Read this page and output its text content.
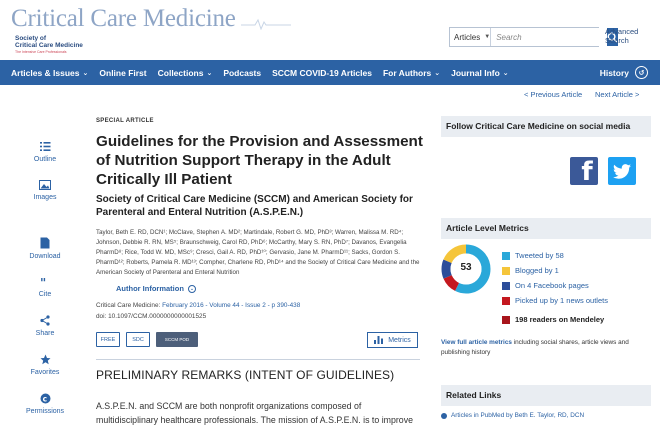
Critical Care Medicine
Society of
Critical Care Medicine
The Intensive Care Professionals
Articles ▼
Search
Advanced
Search
Articles & Issues ⌄ Online First Collections ⌄ Podcasts SCCM COVID-19 Articles For Authors ⌄ Journal Info ⌄	History	↺
< Previous Article Next Article >
Outline
Images
Download
"
Cite
Share
Favorites
c
Permissions
SPECIAL ARTICLE
Guidelines for the Provision and Assessment of Nutrition Support Therapy in the Adult Critically Ill Patient
Society of Critical Care Medicine (SCCM) and American Society for Parenteral and Enteral Nutrition (A.S.P.E.N.)
Taylor, Beth E. RD, DCN¹; McClave, Stephen A. MD²; Martindale, Robert G. MD, PhD³; Warren, Malissa M. RD⁴; Johnson, Debbie R. RN, MS⁵; Braunschweig, Carol RD, PhD⁶; McCarthy, Mary S. RN, PhD⁷; Davanos, Evangelia PharmD⁸; Rice, Todd W. MD, MSc⁹; Cresci, Gail A. RD, PhD¹⁰; Gervasio, Jane M. PharmD¹¹; Sacks, Gordon S. PharmD¹²; Roberts, Pamela R. MD¹³; Compher, Charlene RD, PhD¹⁴ and the Society of Critical Care Medicine and the American Society of Parenteral and Enteral Nutrition
Author Information ⌄
Critical Care Medicine: February 2016 - Volume 44 - Issue 2 - p 390-438
doi: 10.1097/CCM.0000000000001525
FREE	SDC	SCCM POD	Metrics
PRELIMINARY REMARKS (INTENT OF GUIDELINES)
A.S.P.E.N. and SCCM are both nonprofit organizations composed of multidisciplinary healthcare professionals. The mission of A.S.P.E.N. is to improve
Follow Critical Care Medicine on social media
f
Article Level Metrics
53
Tweeted by 58
Blogged by 1
On 4 Facebook pages
Picked up by 1 news outlets
198 readers on Mendeley
View full article metrics including social shares, article views and publishing history
Related Links
Articles in PubMed by Beth E. Taylor, RD, DCN
